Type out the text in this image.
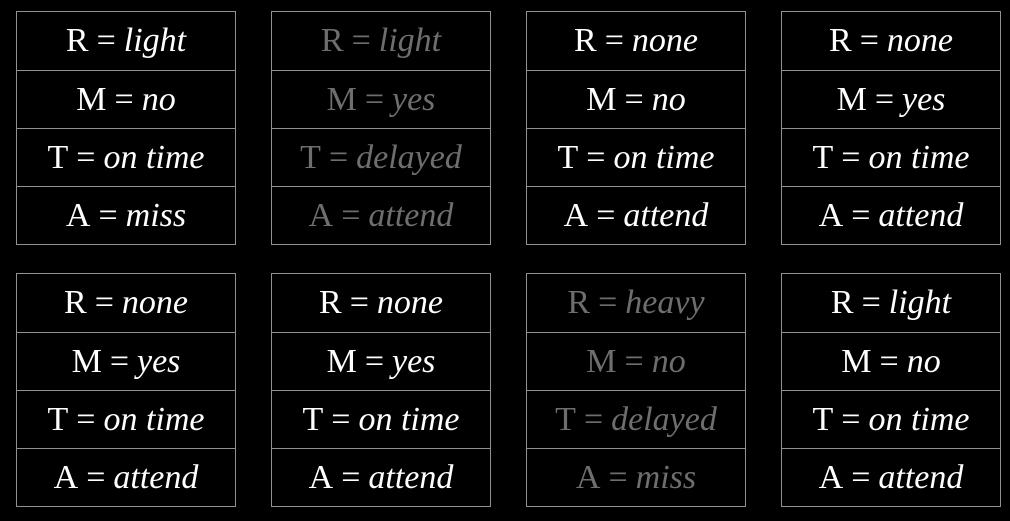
R = light
M = no
T = on time
A = miss
R = light
M = yes
T = delayed
A = attend
R = none
M = no
T = on time
A = attend
R = none
M = yes
T = on time
A = attend
R = none
M = yes
T = on time
A = attend
R = none
M = yes
T = on time
A = attend
R = heavy
M = no
T = delayed
A = miss
R = light
M = no
T = on time
A = attend
